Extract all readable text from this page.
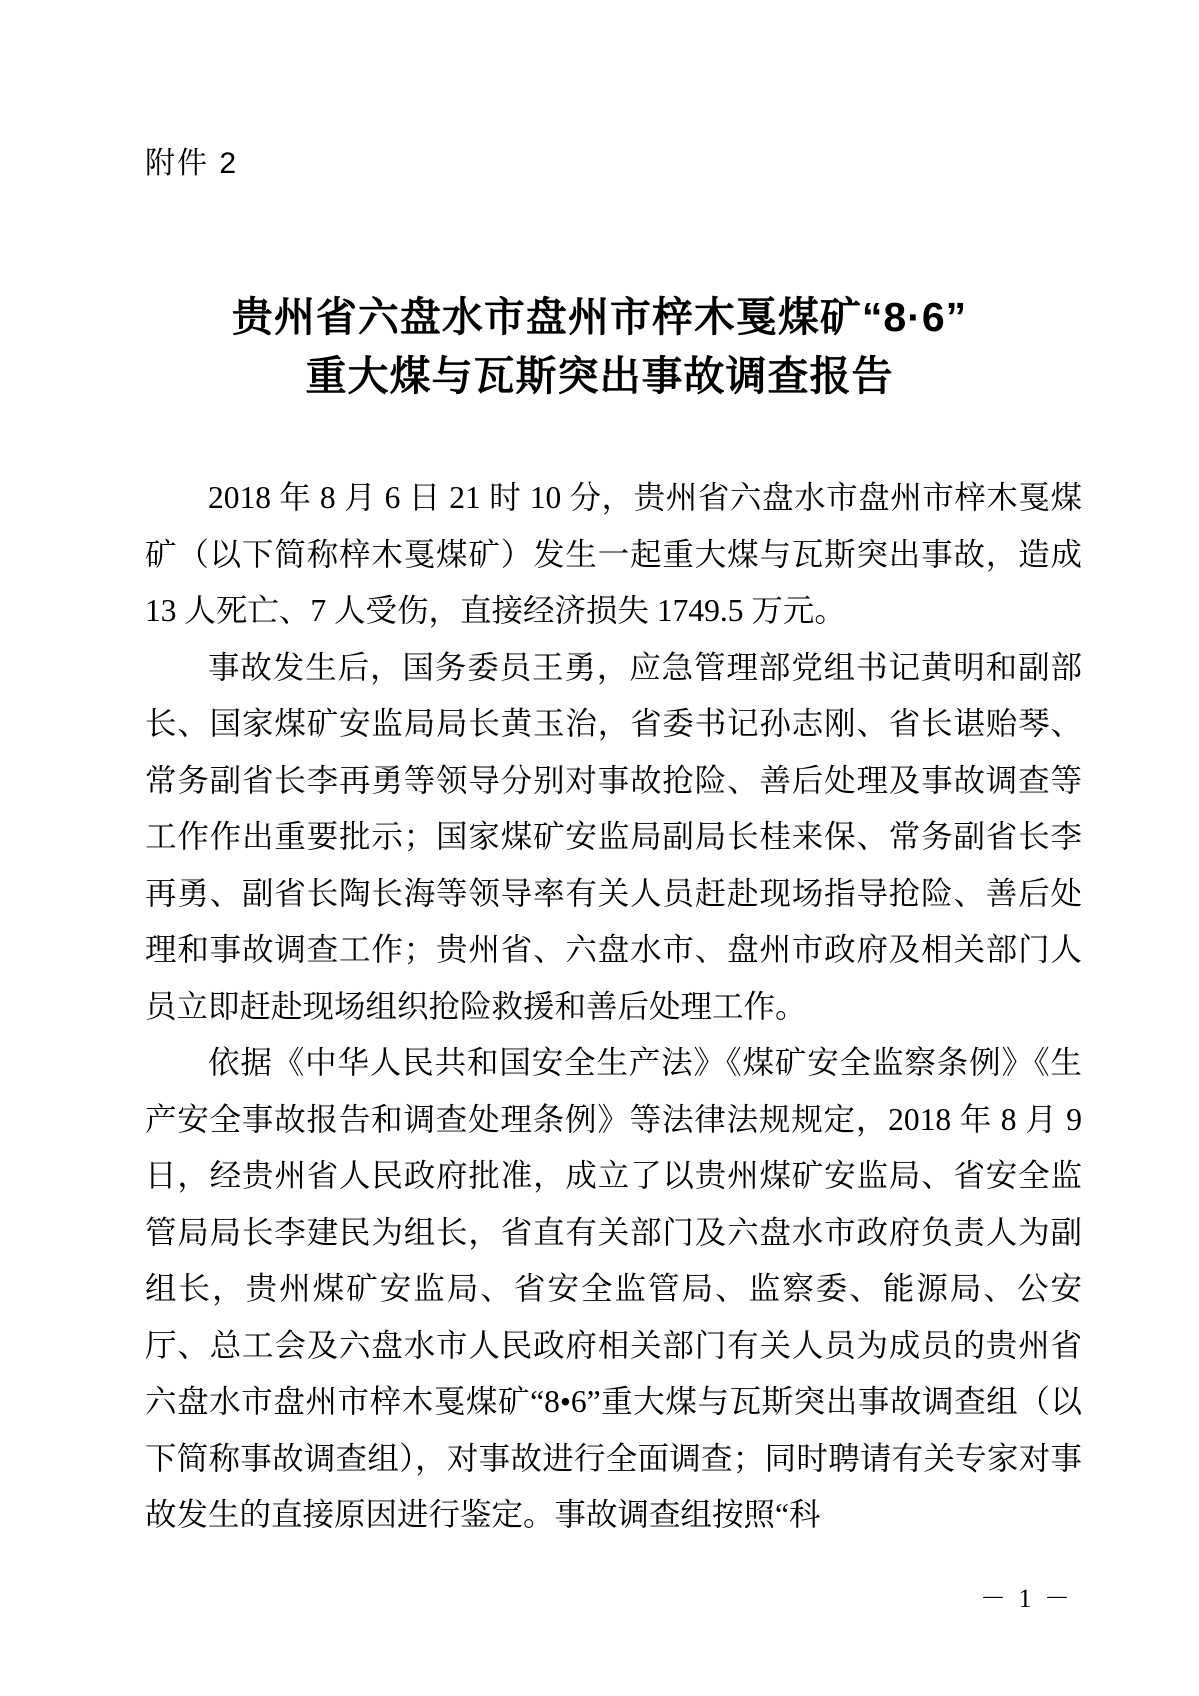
附件 2
贵州省六盘水市盘州市梓木戛煤矿“8·6”
重大煤与瓦斯突出事故调查报告

2018 年 8 月 6 日 21 时 10 分，贵州省六盘水市盘州市梓木戛煤矿（以下简称梓木戛煤矿）发生一起重大煤与瓦斯突出事故，造成 13 人死亡、7 人受伤，直接经济损失 1749.5 万元。

事故发生后，国务委员王勇，应急管理部党组书记黄明和副部长、国家煤矿安监局局长黄玉治，省委书记孙志刚、省长谌贻琴、常务副省长李再勇等领导分别对事故抢险、善后处理及事故调查等工作作出重要批示；国家煤矿安监局副局长桂来保、常务副省长李再勇、副省长陶长海等领导率有关人员赶赴现场指导抢险、善后处理和事故调查工作；贵州省、六盘水市、盘州市政府及相关部门人员立即赶赴现场组织抢险救援和善后处理工作。

依据《中华人民共和国安全生产法》《煤矿安全监察条例》《生产安全事故报告和调查处理条例》等法律法规规定，2018 年 8 月 9 日，经贵州省人民政府批准，成立了以贵州煤矿安监局、省安全监管局局长李建民为组长，省直有关部门及六盘水市政府负责人为副组长，贵州煤矿安监局、省安全监管局、监察委、能源局、公安厅、总工会及六盘水市人民政府相关部门有关人员为成员的贵州省六盘水市盘州市梓木戛煤矿“8•6”重大煤与瓦斯突出事故调查组（以下简称事故调查组），对事故进行全面调查；同时聘请有关专家对事故发生的直接原因进行鉴定。事故调查组按照“科

－ 1 －
